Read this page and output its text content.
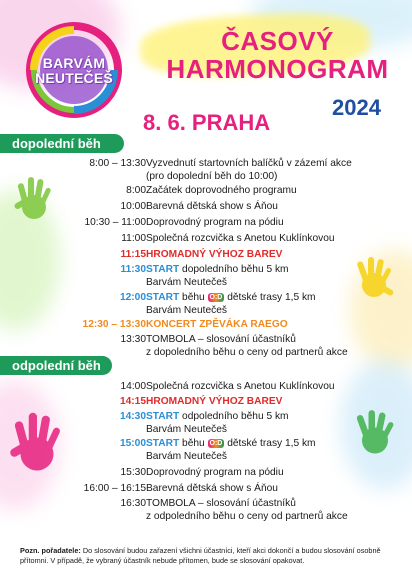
BARVÁM
NEUTEČEŠ
ČASOVÝ
HARMONOGRAM
8. 6. PRAHA
2024
dopolední běh
8:00 – 13:30 Vyzvednutí startovních balíčků v zázemí akce
(pro dopolední běh do 10:00)
8:00 Začátek doprovodného programu
10:00 Barevná dětská show s Áňou
10:30 – 11:00 Doprovodný program na pódiu
11:00 Společná rozcvička s Anetou Kuklínkovou
11:15 HROMADNÝ VÝHOZ BAREV
11:30 START dopoledního běhu 5 km
Barvám Neutečeš
12:00 START běhu O:D dětské trasy 1,5 km
Barvám Neutečeš
12:30 – 13:30 KONCERT ZPĚVÁKA RAEGO
13:30 TOMBOLA – slosování účastníků
z dopoledního běhu o ceny od partnerů akce
odpolední běh
14:00 Společná rozcvička s Anetou Kuklínkovou
14:15 HROMADNÝ VÝHOZ BAREV
14:30 START odpoledního běhu 5 km
Barvám Neutečeš
15:00 START běhu O:D dětské trasy 1,5 km
Barvám Neutečeš
15:30 Doprovodný program na pódiu
16:00 – 16:15 Barevná dětská show s Áňou
16:30 TOMBOLA – slosování účastníků
z odpoledního běhu o ceny od partnerů akce
Pozn. pořadatele: Do slosování budou zařazení všichni účastníci, kteří akci dokončí a budou slosování osobně přítomni. V případě, že vybraný účastník nebude přítomen, bude se slosování opakovat.
